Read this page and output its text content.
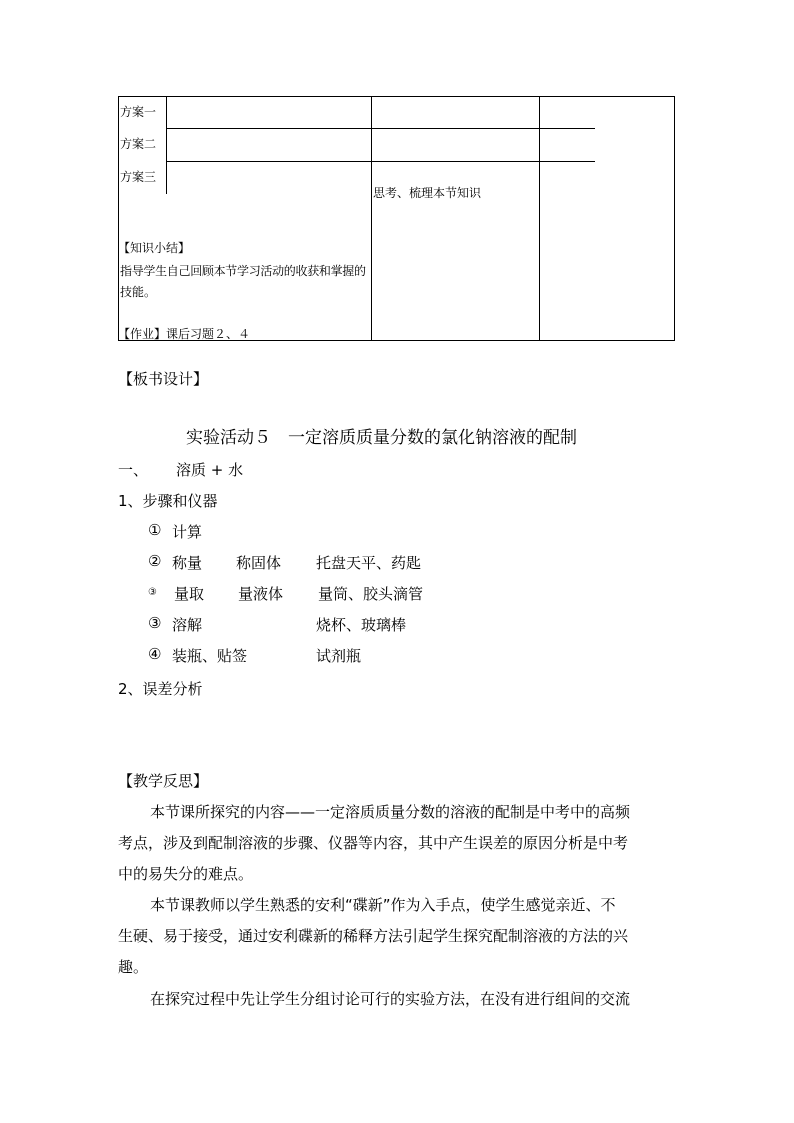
方案一
方案二
方案三
思考、梳理本节知识
【知识小结】
指导学生自己回顾本节学习活动的收获和掌握的
技能。
【作业】课后习题２、４
【板书设计】
实验活动５　一定溶质质量分数的氯化钠溶液的配制
一、 溶质 + 水
1、步骤和仪器
① 计算
② 称量 称固体 托盘天平、药匙
③ 量取 量液体 量筒、胶头滴管
③ 溶解	烧杯、玻璃棒
④ 装瓶、贴签	试剂瓶
2、误差分析
【教学反思】
本节课所探究的内容——一定溶质质量分数的溶液的配制是中考中的高频
考点，涉及到配制溶液的步骤、仪器等内容，其中产生误差的原因分析是中考
中的易失分的难点。
本节课教师以学生熟悉的安利“碟新”作为入手点，使学生感觉亲近、不
生硬、易于接受，通过安利碟新的稀释方法引起学生探究配制溶液的方法的兴
趣。
在探究过程中先让学生分组讨论可行的实验方法，在没有进行组间的交流
